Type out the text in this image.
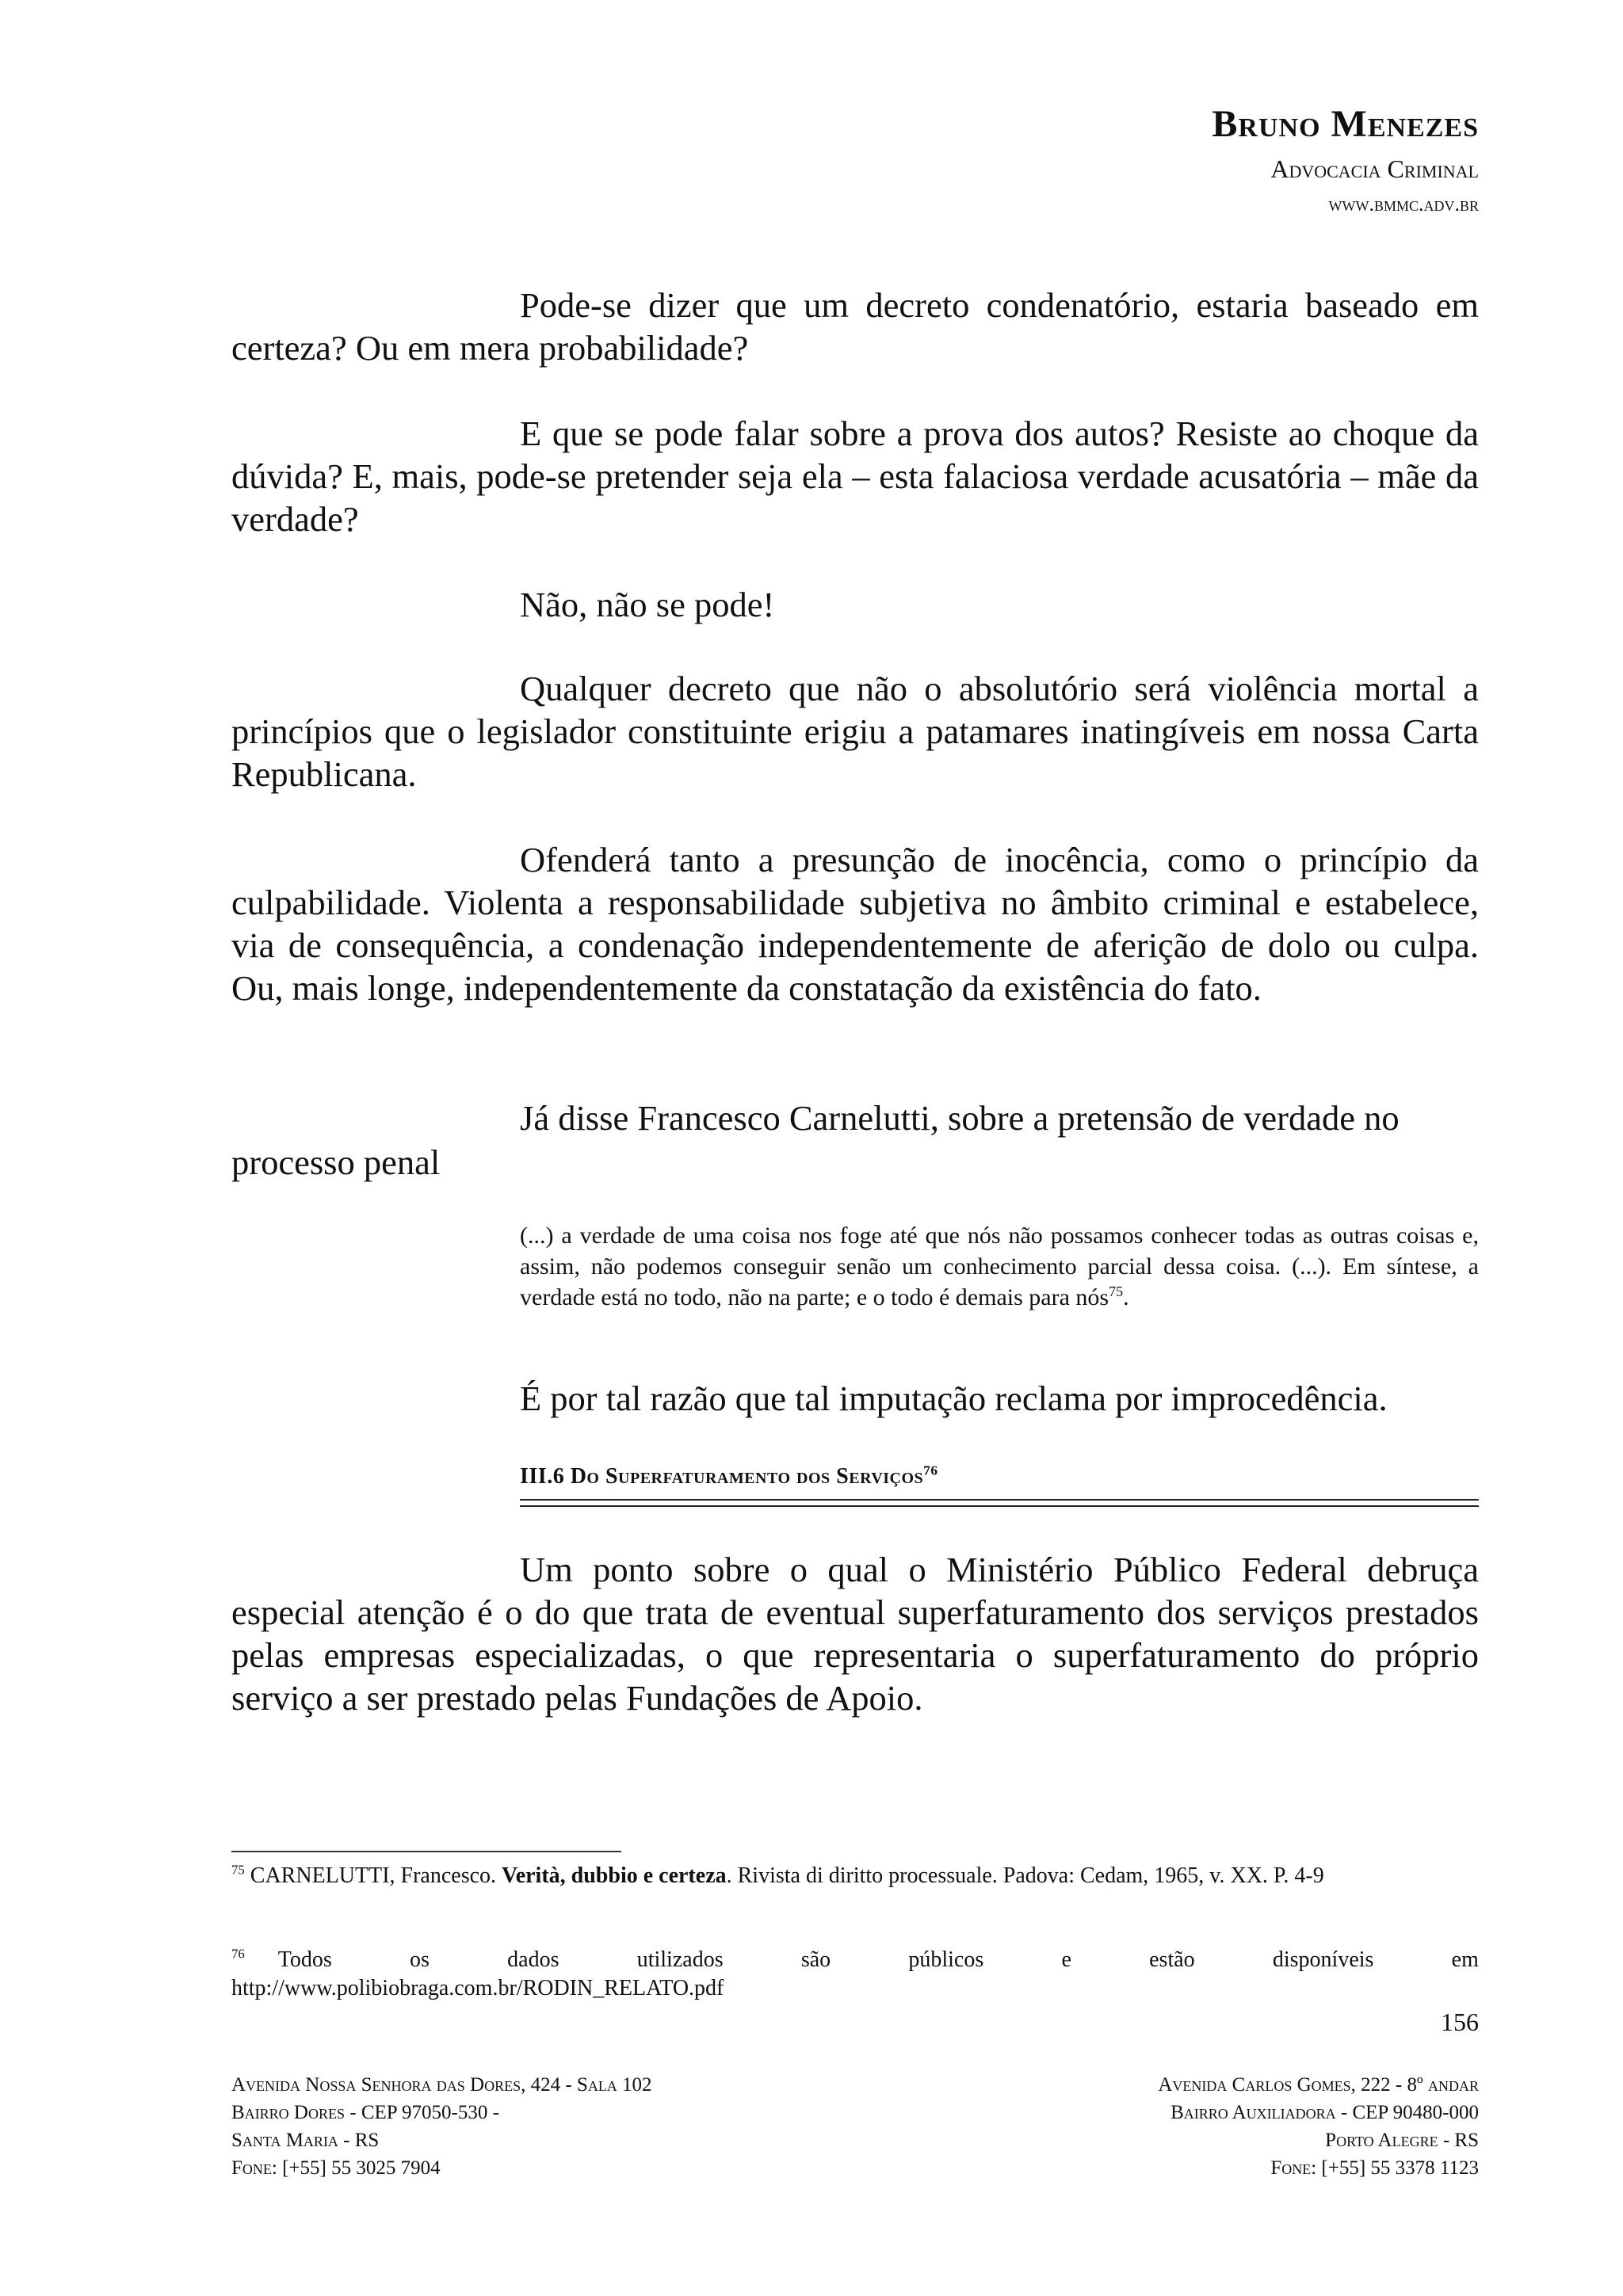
Bruno Menezes
Advocacia Criminal
www.bmmc.adv.br
Pode-se dizer que um decreto condenatório, estaria baseado em certeza? Ou em mera probabilidade?
E que se pode falar sobre a prova dos autos? Resiste ao choque da dúvida? E, mais, pode-se pretender seja ela – esta falaciosa verdade acusatória – mãe da verdade?
Não, não se pode!
Qualquer decreto que não o absolutório será violência mortal a princípios que o legislador constituinte erigiu a patamares inatingíveis em nossa Carta Republicana.
Ofenderá tanto a presunção de inocência, como o princípio da culpabilidade. Violenta a responsabilidade subjetiva no âmbito criminal e estabelece, via de consequência, a condenação independentemente de aferição de dolo ou culpa. Ou, mais longe, independentemente da constatação da existência do fato.
Já disse Francesco Carnelutti, sobre a pretensão de verdade no
processo penal
(...) a verdade de uma coisa nos foge até que nós não possamos conhecer todas as outras coisas e, assim, não podemos conseguir senão um conhecimento parcial dessa coisa. (...). Em síntese, a verdade está no todo, não na parte; e o todo é demais para nós$^{75}$.
É por tal razão que tal imputação reclama por improcedência.
III.6 Do Superfaturamento dos Serviços$^{76}$
Um ponto sobre o qual o Ministério Público Federal debruça especial atenção é o do que trata de eventual superfaturamento dos serviços prestados pelas empresas especializadas, o que representaria o superfaturamento do próprio serviço a ser prestado pelas Fundações de Apoio.
$^{75}$ CARNELUTTI, Francesco. Verità, dubbio e certeza. Rivista di diritto processuale. Padova: Cedam, 1965, v. XX. P. 4-9
$^{76}$ Todos	os	dados	utilizados	são	públicos	e	estão	disponíveis	em
http://www.polibiobraga.com.br/RODIN_RELATO.pdf
156
Avenida Nossa Senhora das Dores, 424 - Sala 102
Bairro Dores - CEP 97050-530 -
Santa Maria - RS
Fone: [+55] 55 3025 7904
Avenida Carlos Gomes, 222 - 8º andar
Bairro Auxiliadora - CEP 90480-000
Porto Alegre - RS
Fone: [+55] 55 3378 1123
